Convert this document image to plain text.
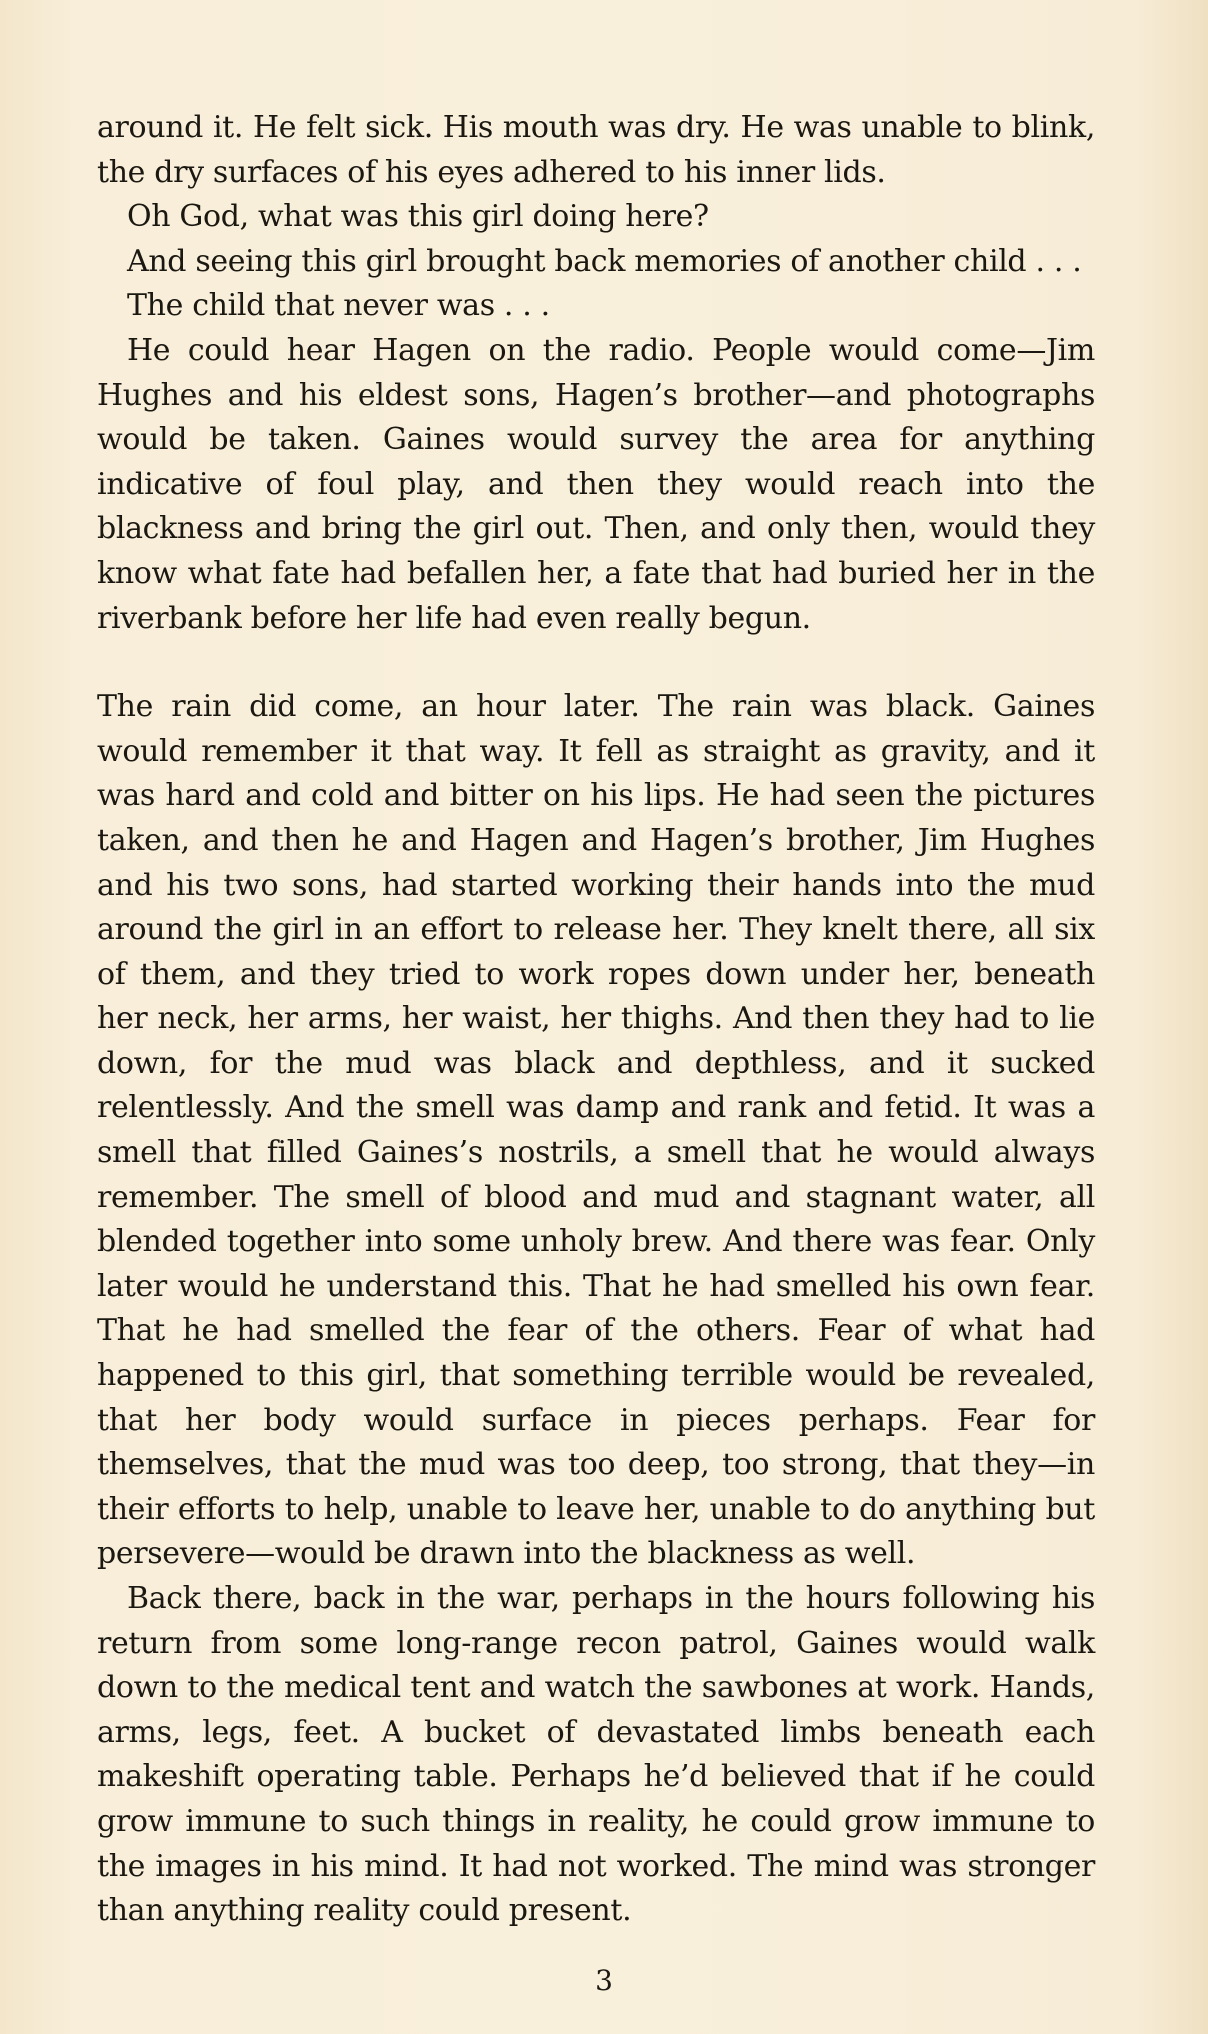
around it. He felt sick. His mouth was dry. He was unable to blink, the dry surfaces of his eyes adhered to his inner lids.

Oh God, what was this girl doing here?

And seeing this girl brought back memories of another child . . .

The child that never was . . .

He could hear Hagen on the radio. People would come—Jim Hughes and his eldest sons, Hagen’s brother—and photographs would be taken. Gaines would survey the area for anything indicative of foul play, and then they would reach into the blackness and bring the girl out. Then, and only then, would they know what fate had befallen her, a fate that had buried her in the riverbank before her life had even really begun.

The rain did come, an hour later. The rain was black. Gaines would remember it that way. It fell as straight as gravity, and it was hard and cold and bitter on his lips. He had seen the pictures taken, and then he and Hagen and Hagen’s brother, Jim Hughes and his two sons, had started working their hands into the mud around the girl in an effort to release her. They knelt there, all six of them, and they tried to work ropes down under her, beneath her neck, her arms, her waist, her thighs. And then they had to lie down, for the mud was black and depthless, and it sucked relentlessly. And the smell was damp and rank and fetid. It was a smell that filled Gaines’s nostrils, a smell that he would always remember. The smell of blood and mud and stagnant water, all blended together into some unholy brew. And there was fear. Only later would he understand this. That he had smelled his own fear. That he had smelled the fear of the others. Fear of what had happened to this girl, that something terrible would be revealed, that her body would surface in pieces perhaps. Fear for themselves, that the mud was too deep, too strong, that they—in their efforts to help, unable to leave her, unable to do anything but persevere—would be drawn into the blackness as well.

Back there, back in the war, perhaps in the hours following his return from some long-range recon patrol, Gaines would walk down to the medical tent and watch the sawbones at work. Hands, arms, legs, feet. A bucket of devastated limbs beneath each makeshift operating table. Perhaps he’d believed that if he could grow immune to such things in reality, he could grow immune to the images in his mind. It had not worked. The mind was stronger than anything reality could present.

3
